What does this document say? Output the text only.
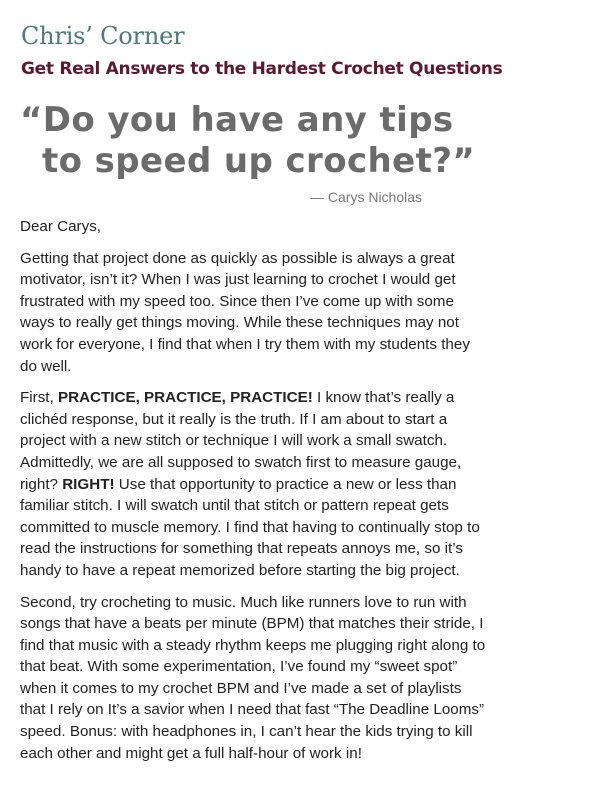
Chris’ Corner
Get Real Answers to the Hardest Crochet Questions
“Do you have any tips
to speed up crochet?”
— Carys Nicholas

Dear Carys,

Getting that project done as quickly as possible is always a great motivator, isn’t it? When I was just learning to crochet I would get frustrated with my speed too. Since then I’ve come up with some ways to really get things moving. While these techniques may not work for everyone, I find that when I try them with my students they do well.

First, PRACTICE, PRACTICE, PRACTICE! I know that’s really a clichéd response, but it really is the truth. If I am about to start a project with a new stitch or technique I will work a small swatch. Admittedly, we are all supposed to swatch first to measure gauge, right? RIGHT! Use that opportunity to practice a new or less than familiar stitch. I will swatch until that stitch or pattern repeat gets committed to muscle memory. I find that having to continually stop to read the instructions for something that repeats annoys me, so it’s handy to have a repeat memorized before starting the big project.

Second, try crocheting to music. Much like runners love to run with songs that have a beats per minute (BPM) that matches their stride, I find that music with a steady rhythm keeps me plugging right along to that beat. With some experimentation, I’ve found my “sweet spot” when it comes to my crochet BPM and I’ve made a set of playlists that I rely on It’s a savior when I need that fast “The Deadline Looms” speed. Bonus: with headphones in, I can’t hear the kids trying to kill each other and might get a full half-hour of work in!
